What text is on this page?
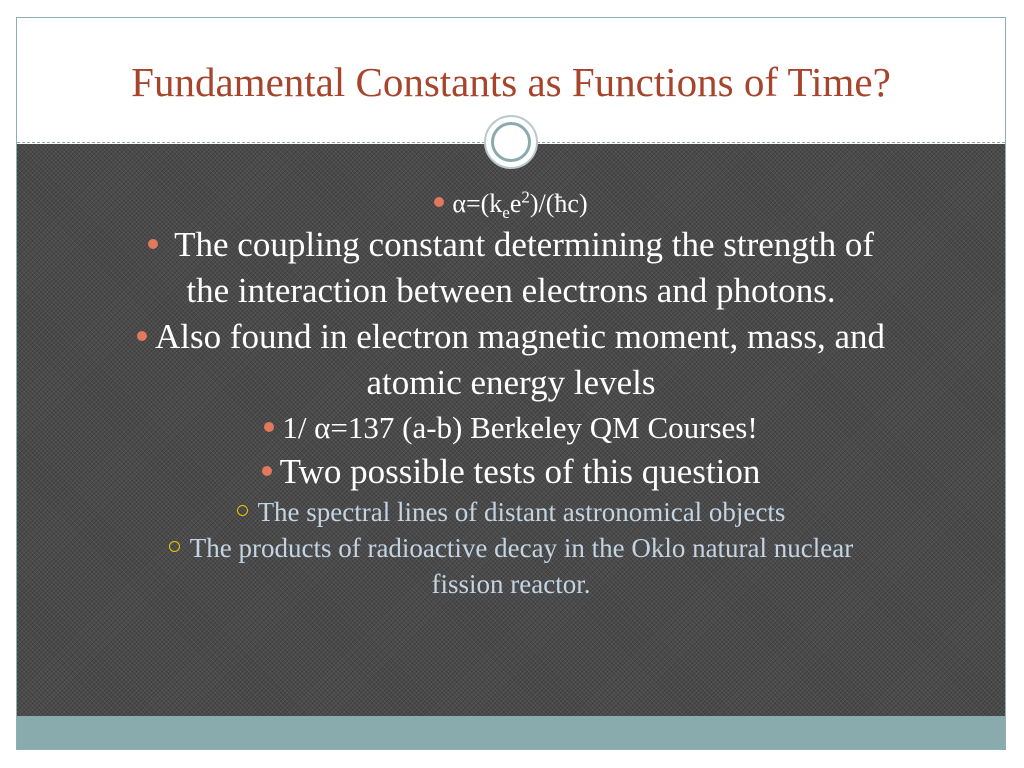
Fundamental Constants as Functions of Time?
$\alpha=(k_ee^2)/(ħc)$
The coupling constant determining the strength of
the interaction between electrons and photons.
Also found in electron magnetic moment, mass, and
atomic energy levels
1/ α=137 (a-b) Berkeley QM Courses!
Two possible tests of this question
The spectral lines of distant astronomical objects
The products of radioactive decay in the Oklo natural nuclear
fission reactor.
